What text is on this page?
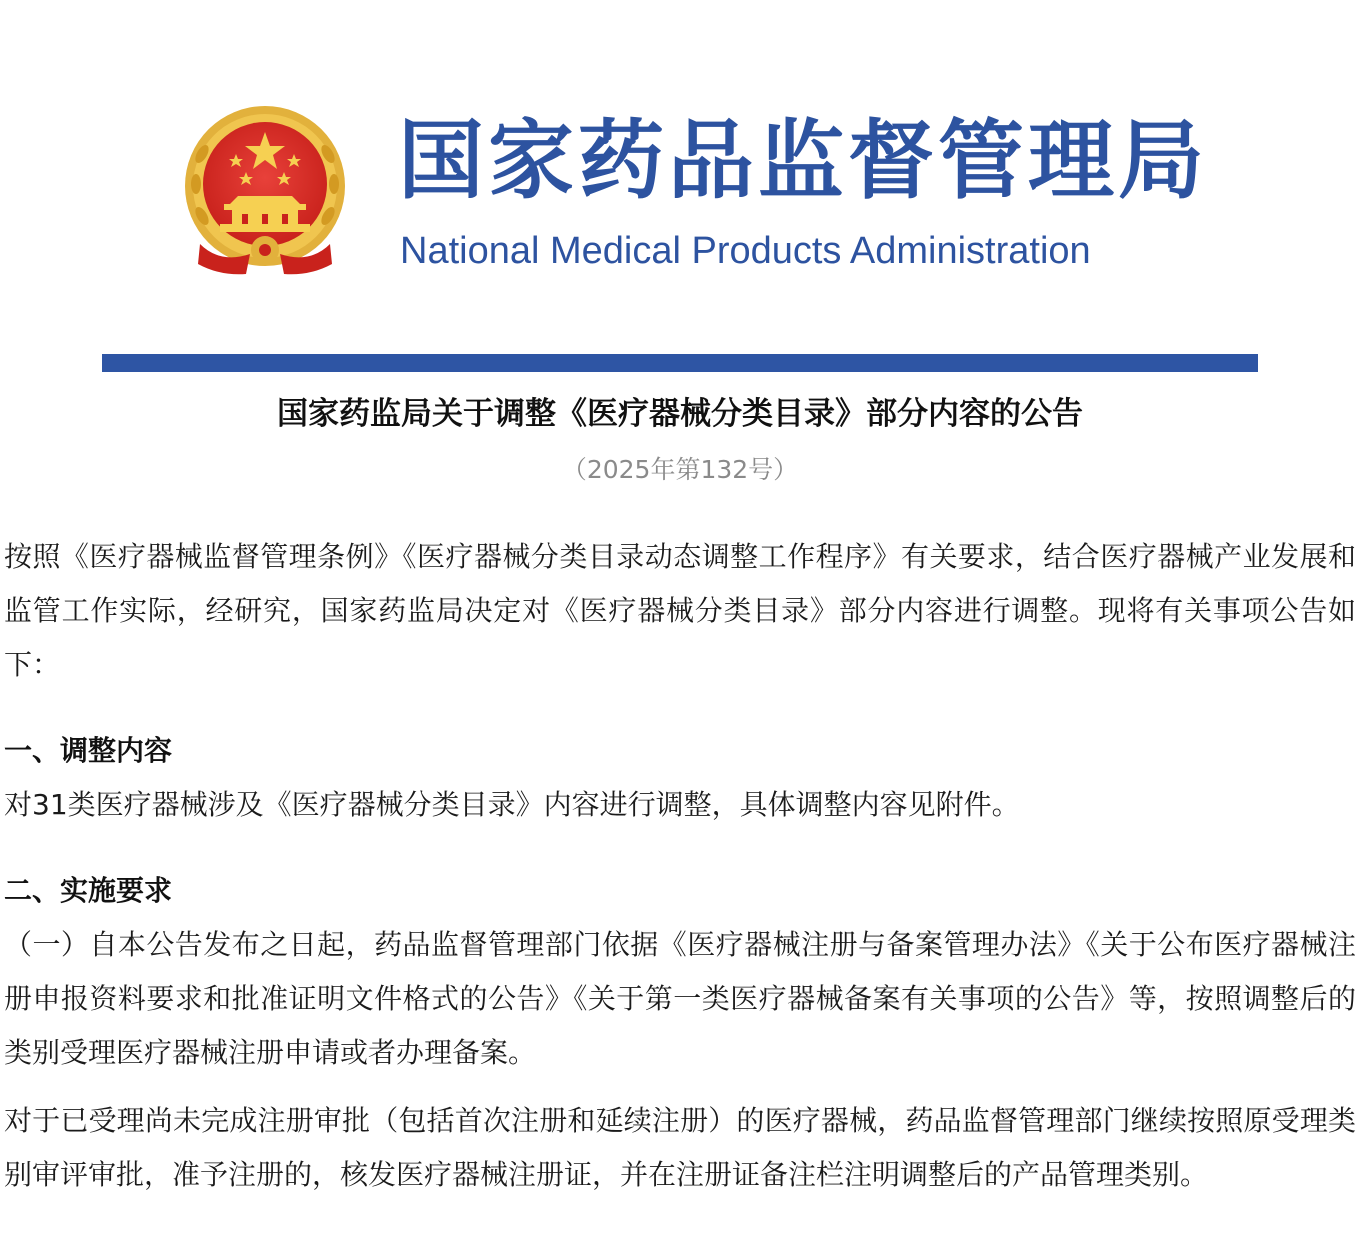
国家药品监督管理局
National Medical Products Administration
国家药监局关于调整《医疗器械分类目录》部分内容的公告
（2025年第132号）

按照《医疗器械监督管理条例》《医疗器械分类目录动态调整工作程序》有关要求，结合医疗器械产业发展和监管工作实际，经研究，国家药监局决定对《医疗器械分类目录》部分内容进行调整。现将有关事项公告如下：

一、调整内容

对31类医疗器械涉及《医疗器械分类目录》内容进行调整，具体调整内容见附件。

二、实施要求

（一）自本公告发布之日起，药品监督管理部门依据《医疗器械注册与备案管理办法》《关于公布医疗器械注册申报资料要求和批准证明文件格式的公告》《关于第一类医疗器械备案有关事项的公告》等，按照调整后的类别受理医疗器械注册申请或者办理备案。

对于已受理尚未完成注册审批（包括首次注册和延续注册）的医疗器械，药品监督管理部门继续按照原受理类别审评审批，准予注册的，核发医疗器械注册证，并在注册证备注栏注明调整后的产品管理类别。
